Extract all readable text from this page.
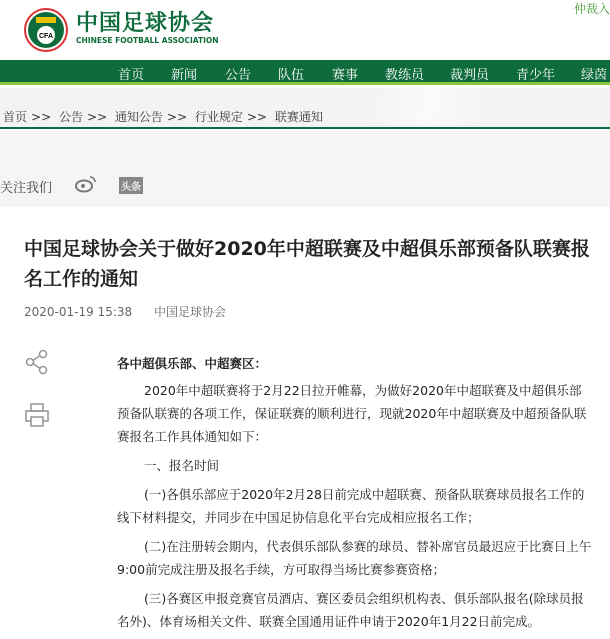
CFA
中国足球协会
CHINESE FOOTBALL ASSOCIATION
仲裁入
首页 新闻 公告 队伍 赛事 教练员 裁判员 青少年 绿茵
首页 >> 公告 >> 通知公告 >> 行业规定 >> 联赛通知
关注我们	头条
中国足球协会关于做好2020年中超联赛及中超俱乐部预备队联赛报名工作的通知
2020-01-19 15:38 中国足球协会

各中超俱乐部、中超赛区：

2020年中超联赛将于2月22日拉开帷幕，为做好2020年中超联赛及中超俱乐部预备队联赛的各项工作，保证联赛的顺利进行，现就2020年中超联赛及中超预备队联赛报名工作具体通知如下：

一、报名时间

(一)各俱乐部应于2020年2月28日前完成中超联赛、预备队联赛球员报名工作的线下材料提交，并同步在中国足协信息化平台完成相应报名工作；

(二)在注册转会期内，代表俱乐部队参赛的球员、替补席官员最迟应于比赛日上午9:00前完成注册及报名手续，方可取得当场比赛参赛资格；

(三)各赛区申报竞赛官员酒店、赛区委员会组织机构表、俱乐部队报名(除球员报名外)、体育场相关文件、联赛全国通用证件申请于2020年1月22日前完成。
